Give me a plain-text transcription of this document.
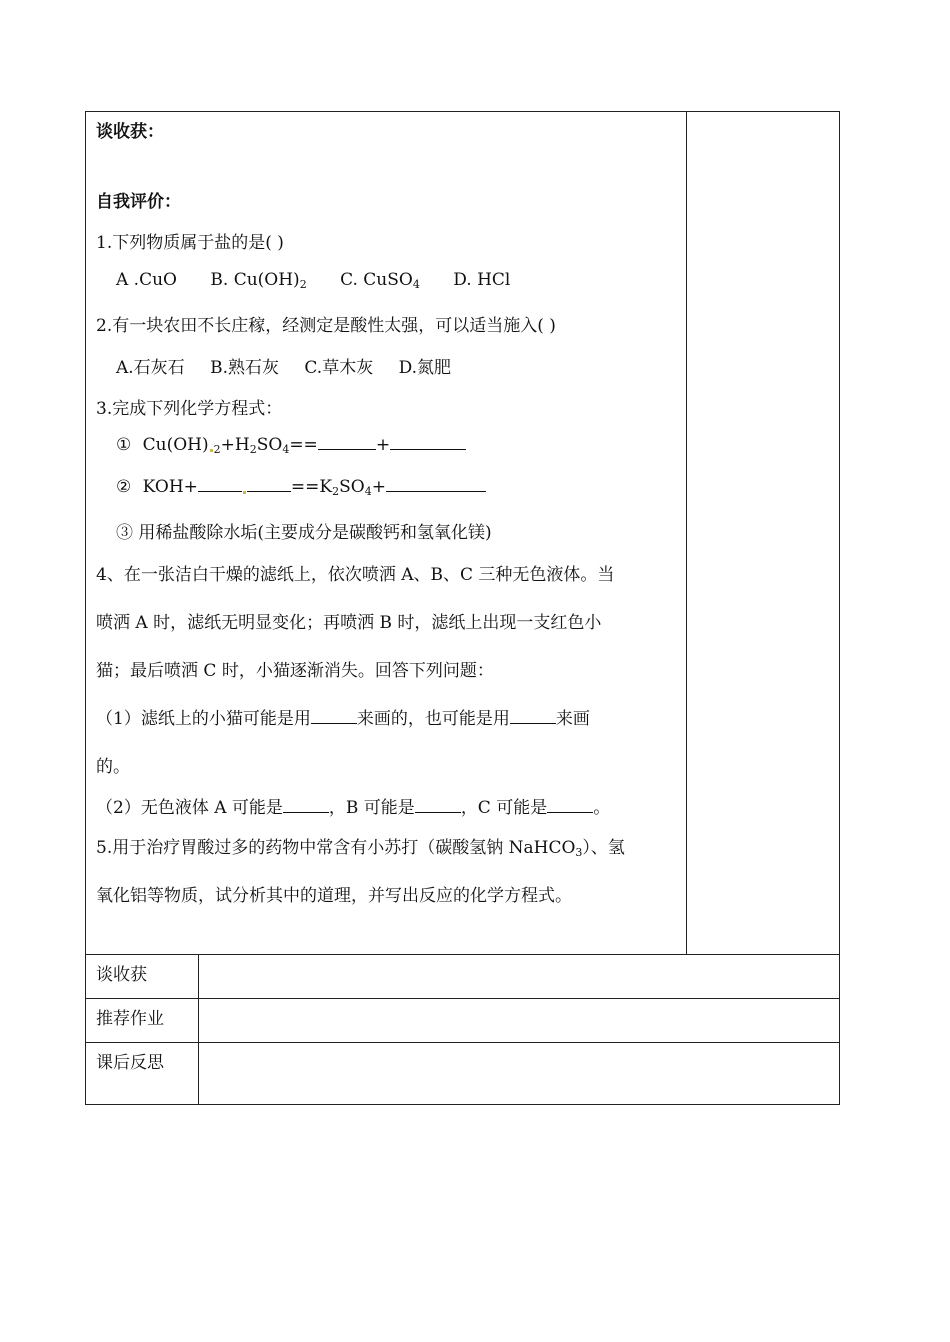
谈收获：
自我评价：
1.下列物质属于盐的是( )
A .CuO B. $Cu(OH)_2$ C. CuSO$_4$ D. HCl
2.有一块农田不长庄稼，经测定是酸性太强，可以适当施入( )
A.石灰石 B.熟石灰 C.草木灰 D.氮肥
3.完成下列化学方程式：
① Cu(OH) $_2+H_2SO_4==$	+
② KOH+	$==K_2SO_4+$
③ 用稀盐酸除水垢(主要成分是碳酸钙和氢氧化镁)
4、在一张洁白干燥的滤纸上，依次喷洒 A、B、C 三种无色液体。当
喷洒 A 时，滤纸无明显变化；再喷洒 B 时，滤纸上出现一支红色小
猫；最后喷洒 C 时，小猫逐渐消失。回答下列问题：
（1）滤纸上的小猫可能是用	来画的，也可能是用	来画
的。
（2）无色液体 A 可能是	，B 可能是	，C 可能是	。
5.用于治疗胃酸过多的药物中常含有小苏打（碳酸氢钠 NaHCO$_3$）、氢
氧化铝等物质，试分析其中的道理，并写出反应的化学方程式。
谈收获
推荐作业
课后反思
